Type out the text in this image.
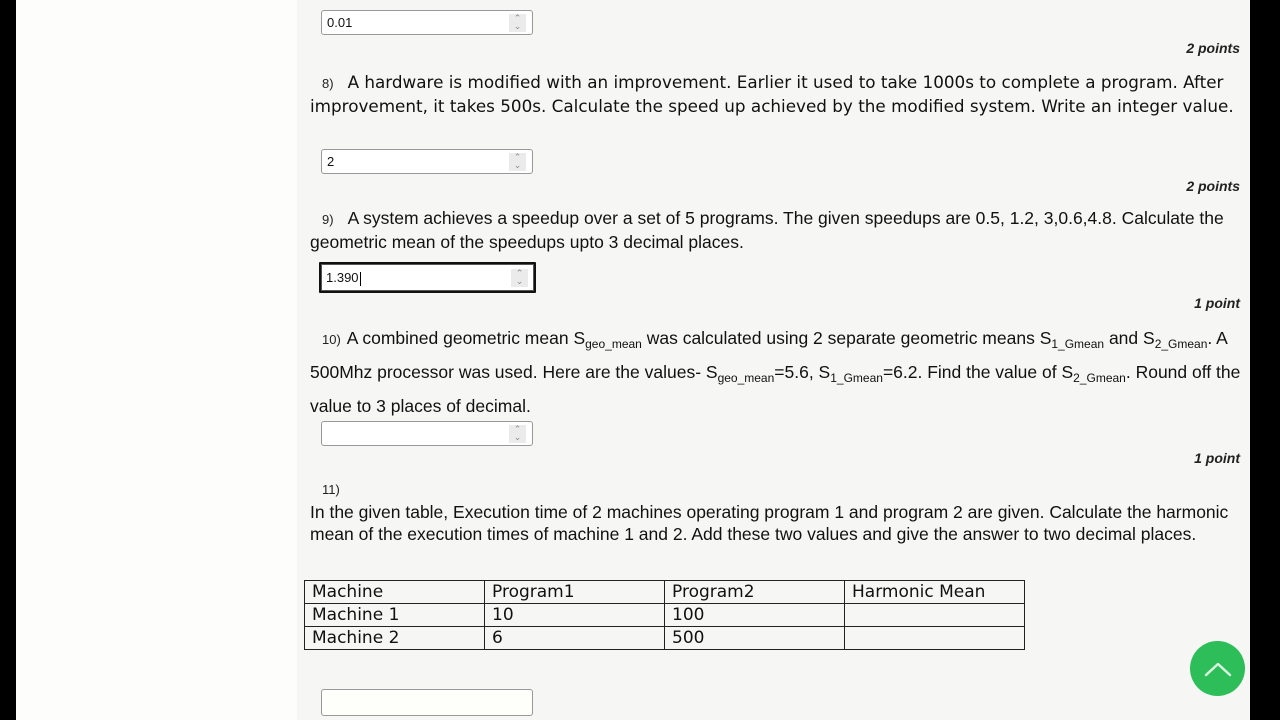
0.01	⌃
⌄
2 points
8) A hardware is modified with an improvement. Earlier it used to take 1000s to complete a program. After improvement, it takes 500s. Calculate the speed up achieved by the modified system. Write an integer value.
2	⌃
⌄
2 points
9) A system achieves a speedup over a set of 5 programs. The given speedups are 0.5, 1.2, 3,0.6,4.8. Calculate the geometric mean of the speedups upto 3 decimal places.
1.390	⌃
⌄
1 point
10) A combined geometric mean $S_{geo\_mean}$ was calculated using 2 separate geometric means $S_{1\_Gmean}$ and $S_{2\_Gmean}$. A 500Mhz processor was used. Here are the values- $S_{geo\_mean}=5.6$, $S_{1\_Gmean}=6.2$. Find the value of $S_{2\_Gmean}$. Round off the value to 3 places of decimal.
⌃
⌄
1 point
11)
In the given table, Execution time of 2 machines operating program 1 and program 2 are given. Calculate the harmonic mean of the execution times of machine 1 and 2. Add these two values and give the answer to two decimal places.
Machine	Program1	Program2	Harmonic Mean
Machine 1	10	100	
Machine 2	6	500	
